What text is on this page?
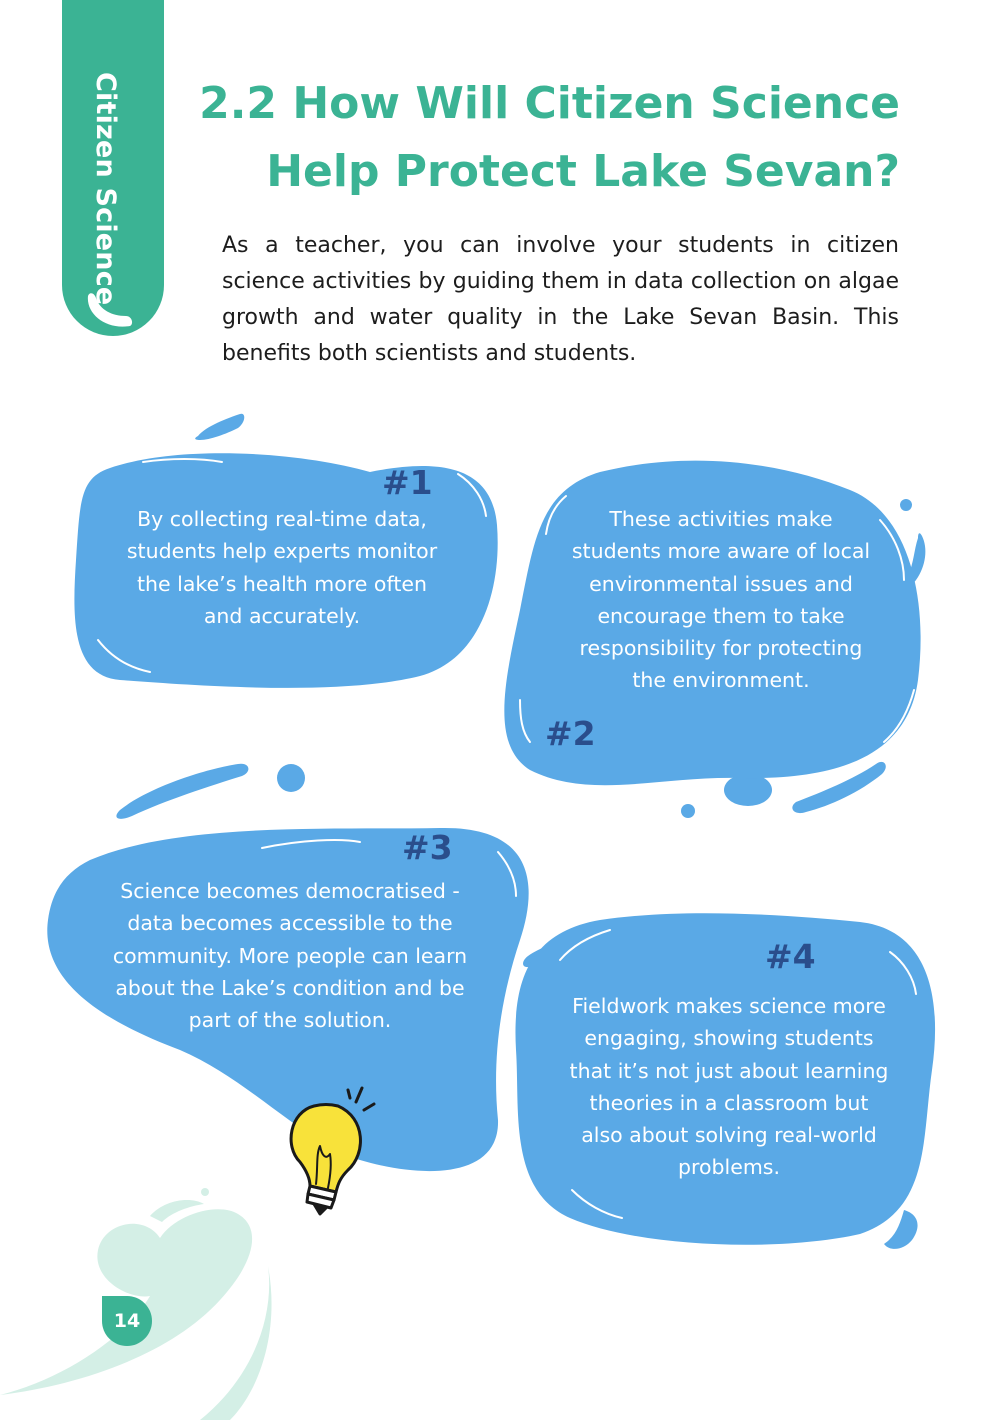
Citizen Science	2.2 How Will Citizen Science
Help Protect Lake Sevan?

As a teacher, you can involve your students in citizen science activities by guiding them in data collection on algae growth and water quality in the Lake Sevan Basin. This benefits both scientists and students.

#1
#2
#3
#4

By collecting real-time data, students help experts monitor the lake’s health more often and accurately.

These activities make students more aware of local environmental issues and encourage them to take responsibility for protecting the environment.

Science becomes democratised - data becomes accessible to the community. More people can learn about the Lake’s condition and be part of the solution.

Fieldwork makes science more engaging, showing students that it’s not just about learning theories in a classroom but also about solving real-world problems.

14
